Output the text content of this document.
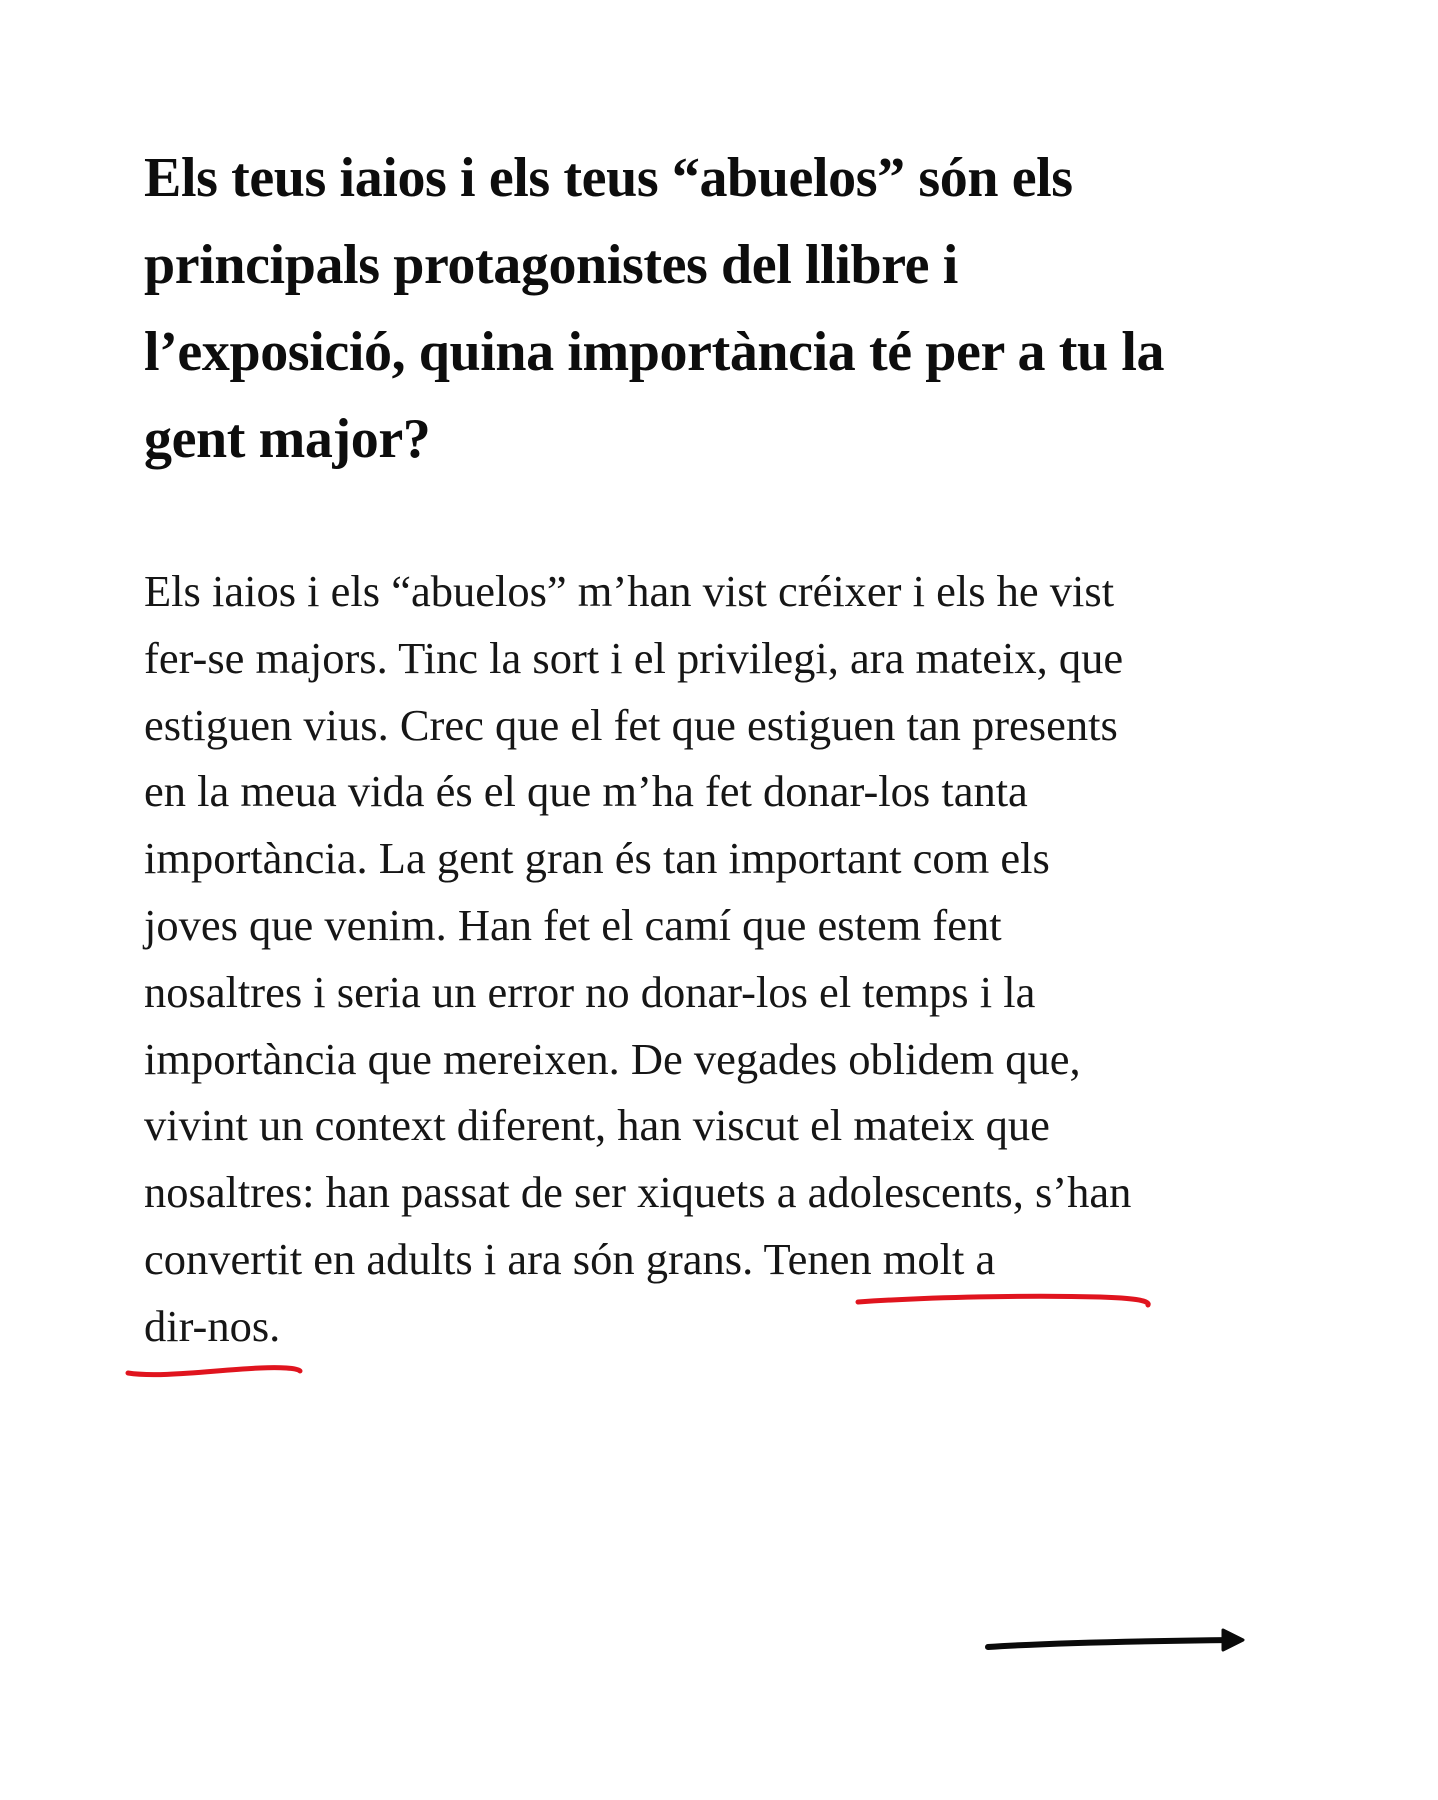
Els teus iaios i els teus “abuelos” són els
principals protagonistes del llibre i
l’exposició, quina importància té per a tu la
gent major?

Els iaios i els “abuelos” m’han vist créixer i els he vist
fer-se majors. Tinc la sort i el privilegi, ara mateix, que
estiguen vius. Crec que el fet que estiguen tan presents
en la meua vida és el que m’ha fet donar-los tanta
importància. La gent gran és tan important com els
joves que venim. Han fet el camí que estem fent
nosaltres i seria un error no donar-los el temps i la
importància que mereixen. De vegades oblidem que,
vivint un context diferent, han viscut el mateix que
nosaltres: han passat de ser xiquets a adolescents, s’han
convertit en adults i ara són grans. Tenen molt a
dir-nos.
